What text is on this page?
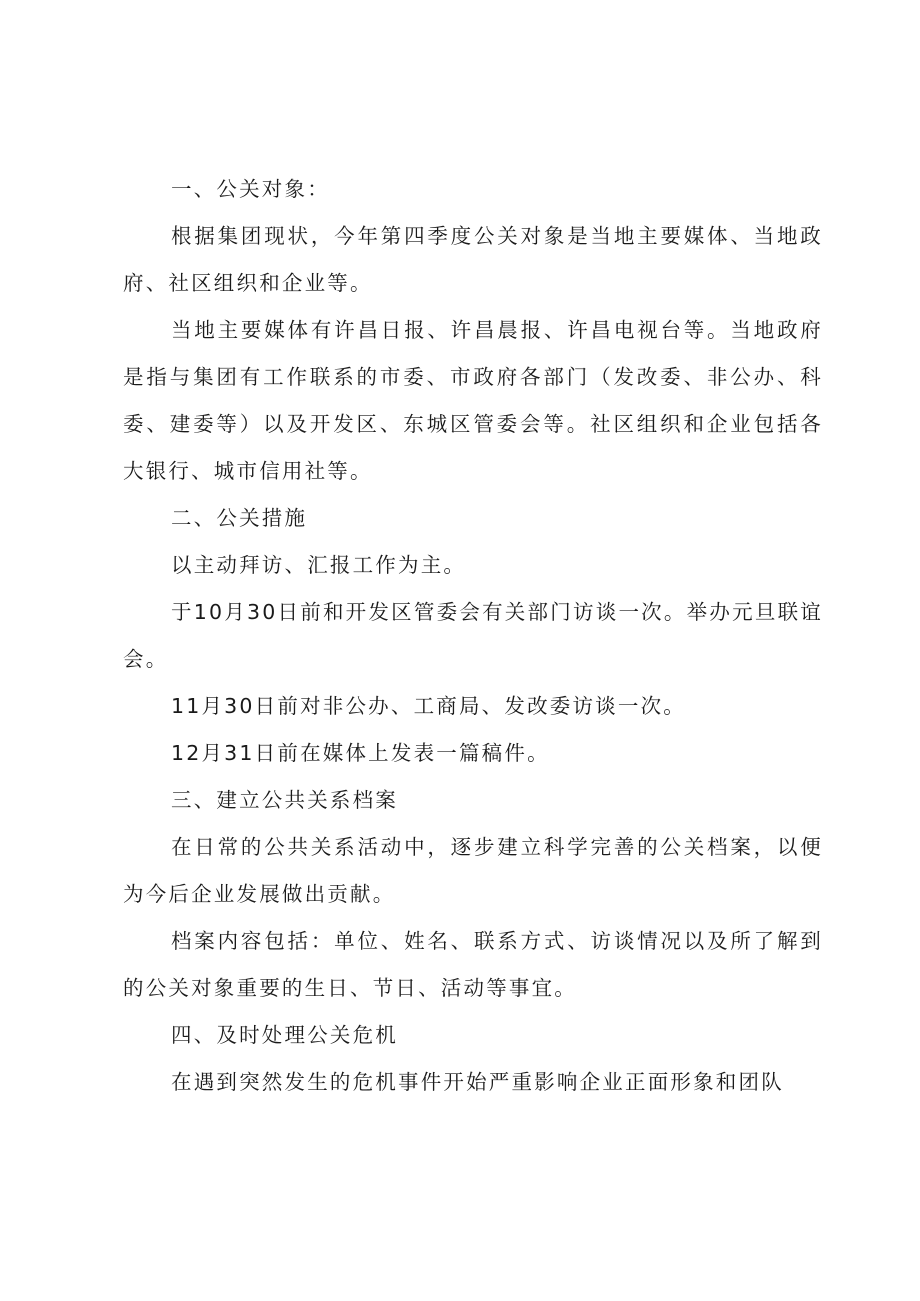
一、公关对象：

根据集团现状，今年第四季度公关对象是当地主要媒体、当地政府、社区组织和企业等。

当地主要媒体有许昌日报、许昌晨报、许昌电视台等。当地政府是指与集团有工作联系的市委、市政府各部门（发改委、非公办、科委、建委等）以及开发区、东城区管委会等。社区组织和企业包括各大银行、城市信用社等。

二、公关措施

以主动拜访、汇报工作为主。

于10月30日前和开发区管委会有关部门访谈一次。举办元旦联谊会。

11月30日前对非公办、工商局、发改委访谈一次。

12月31日前在媒体上发表一篇稿件。

三、建立公共关系档案

在日常的公共关系活动中，逐步建立科学完善的公关档案，以便为今后企业发展做出贡献。

档案内容包括：单位、姓名、联系方式、访谈情况以及所了解到的公关对象重要的生日、节日、活动等事宜。

四、及时处理公关危机

在遇到突然发生的危机事件开始严重影响企业正面形象和团队
